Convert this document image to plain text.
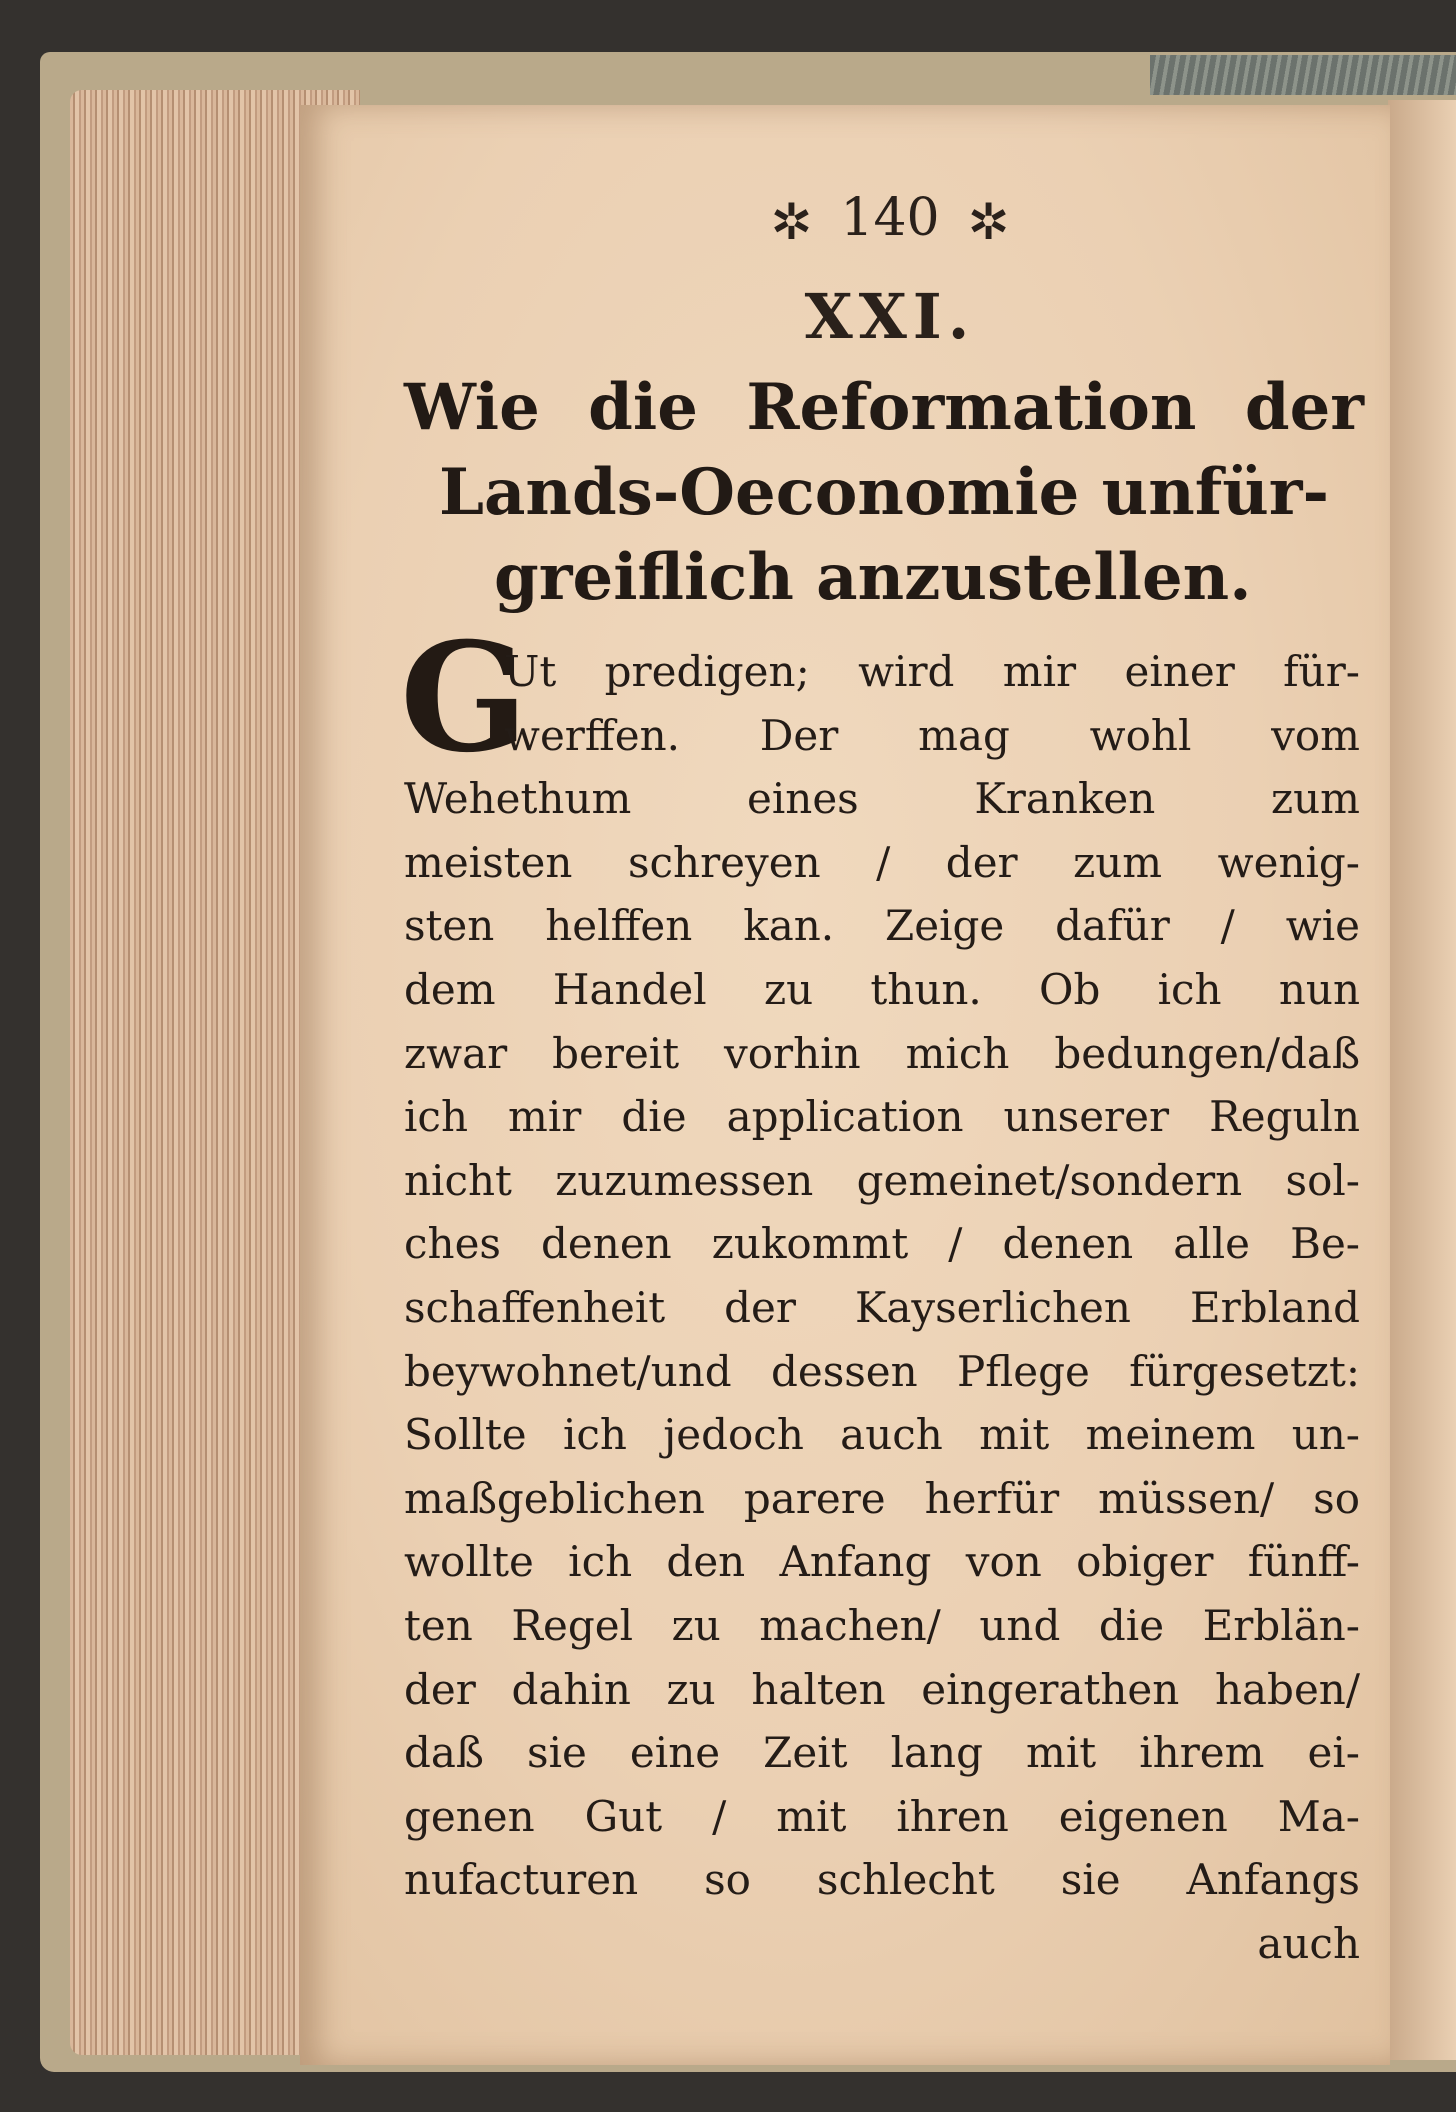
✲ 140 ✲
XXI.
Wie die Reformation der
Lands-Oeconomie unfür-
greiflich anzustellen.
G
Ut predigen; wird mir einer für-
werffen. Der mag wohl vom
Wehethum eines Kranken zum
meisten schreyen / der zum wenig-
sten helffen kan. Zeige dafür / wie
dem Handel zu thun. Ob ich nun
zwar bereit vorhin mich bedungen/daß
ich mir die application unserer Reguln
nicht zuzumessen gemeinet/sondern sol-
ches denen zukommt / denen alle Be-
schaffenheit der Kayserlichen Erbland
beywohnet/und dessen Pflege fürgesetzt:
Sollte ich jedoch auch mit meinem un-
maßgeblichen parere herfür müssen/ so
wollte ich den Anfang von obiger fünff-
ten Regel zu machen/ und die Erblän-
der dahin zu halten eingerathen haben/
daß sie eine Zeit lang mit ihrem ei-
genen Gut / mit ihren eigenen Ma-
nufacturen so schlecht sie Anfangs
auch
